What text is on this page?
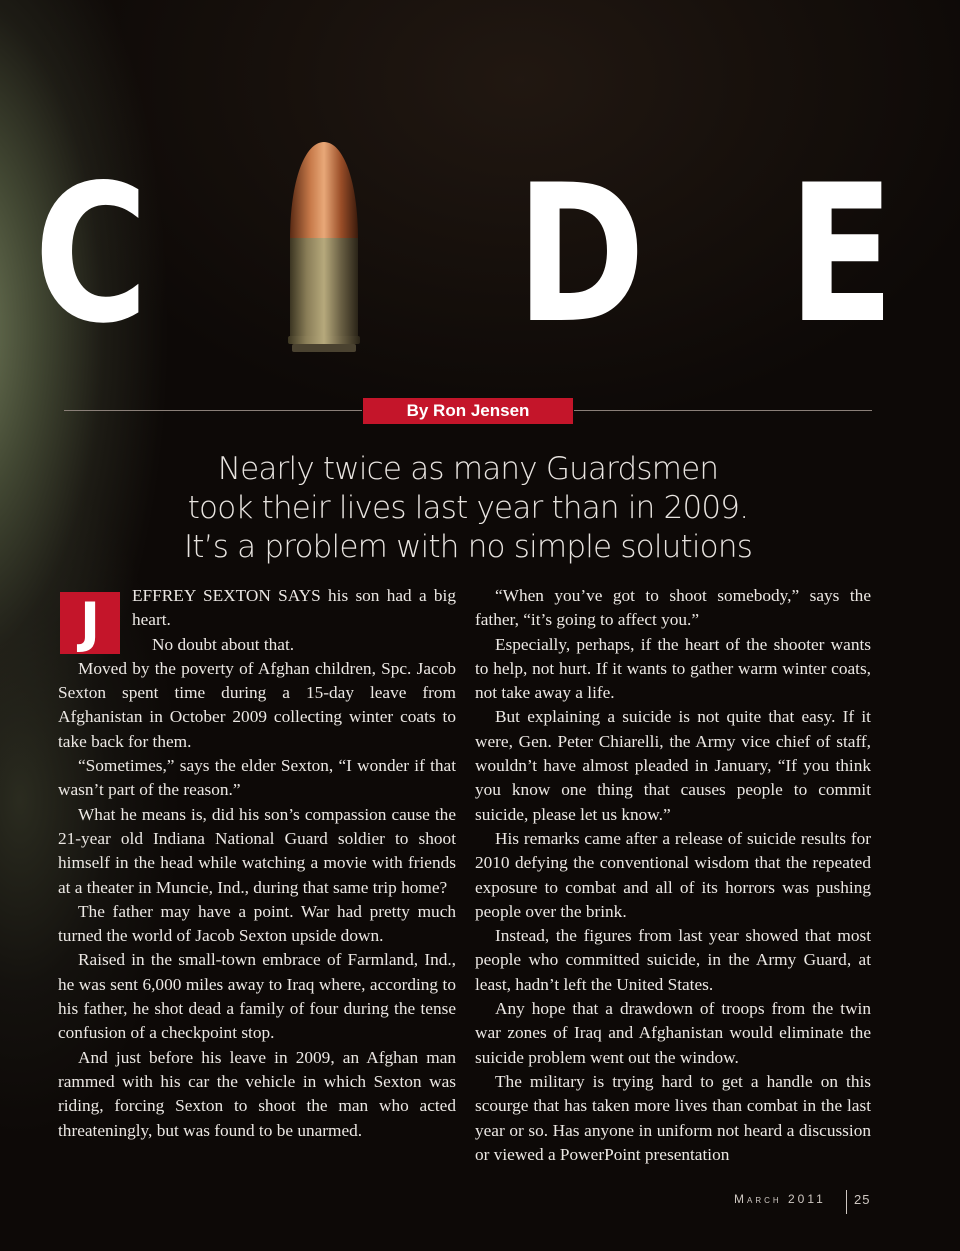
C D E
By Ron Jensen
Nearly twice as many Guardsmen
took their lives last year than in 2009.
It’s a problem with no simple solutions

J	EFFREY SEXTON SAYS his son had a big heart.

No doubt about that.

Moved by the poverty of Afghan children, Spc. Jacob Sexton spent time during a 15-day leave from Afghanistan in October 2009 collecting winter coats to take back for them.

“Sometimes,” says the elder Sexton, “I wonder if that wasn’t part of the reason.”

What he means is, did his son’s compassion cause the 21-year old Indiana National Guard soldier to shoot himself in the head while watching a movie with friends at a theater in Muncie, Ind., during that same trip home?

The father may have a point. War had pretty much turned the world of Jacob Sexton upside down.

Raised in the small-town embrace of Farmland, Ind., he was sent 6,000 miles away to Iraq where, according to his father, he shot dead a family of four during the tense confusion of a checkpoint stop.

And just before his leave in 2009, an Afghan man rammed with his car the vehicle in which Sexton was riding, forcing Sexton to shoot the man who acted threateningly, but was found to be unarmed.

“When you’ve got to shoot somebody,” says the father, “it’s going to affect you.”

Especially, perhaps, if the heart of the shooter wants to help, not hurt. If it wants to gather warm winter coats, not take away a life.

But explaining a suicide is not quite that easy. If it were, Gen. Peter Chiarelli, the Army vice chief of staff, wouldn’t have almost pleaded in January, “If you think you know one thing that causes people to commit suicide, please let us know.”

His remarks came after a release of suicide results for 2010 defying the conventional wisdom that the repeated exposure to combat and all of its horrors was pushing people over the brink.

Instead, the figures from last year showed that most people who committed suicide, in the Army Guard, at least, hadn’t left the United States.

Any hope that a drawdown of troops from the twin war zones of Iraq and Afghanistan would eliminate the suicide problem went out the window.

The military is trying hard to get a handle on this scourge that has taken more lives than combat in the last year or so. Has anyone in uniform not heard a discussion or viewed a PowerPoint presentation

March 2011 25
